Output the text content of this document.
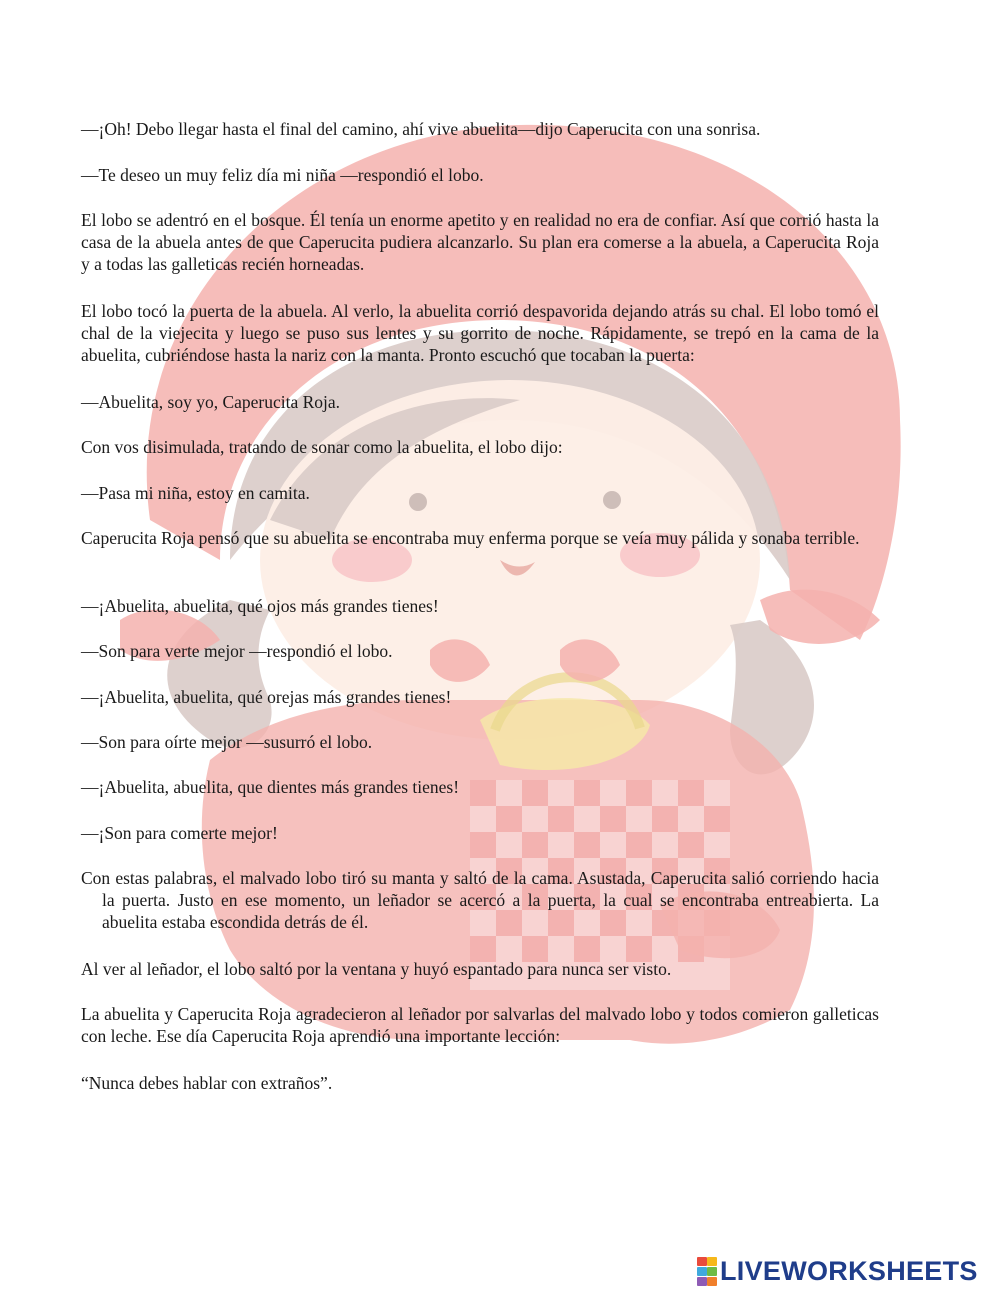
—¡Oh! Debo llegar hasta el final del camino, ahí vive abuelita—dijo Caperucita con una sonrisa.

—Te deseo un muy feliz día mi niña —respondió el lobo.

El lobo se adentró en el bosque. Él tenía un enorme apetito y en realidad no era de confiar. Así que corrió hasta la casa de la abuela antes de que Caperucita pudiera alcanzarlo. Su plan era comerse a la abuela, a Caperucita Roja y a todas las galleticas recién horneadas.

El lobo tocó la puerta de la abuela. Al verlo, la abuelita corrió despavorida dejando atrás su chal. El lobo tomó el chal de la viejecita y luego se puso sus lentes y su gorrito de noche. Rápidamente, se trepó en la cama de la abuelita, cubriéndose hasta la nariz con la manta. Pronto escuchó que tocaban la puerta:

—Abuelita, soy yo, Caperucita Roja.

Con vos disimulada, tratando de sonar como la abuelita, el lobo dijo:

—Pasa mi niña, estoy en camita.

Caperucita Roja pensó que su abuelita se encontraba muy enferma porque se veía muy pálida y sonaba terrible.

—¡Abuelita, abuelita, qué ojos más grandes tienes!

—Son para verte mejor —respondió el lobo.

—¡Abuelita, abuelita, qué orejas más grandes tienes!

—Son para oírte mejor —susurró el lobo.

—¡Abuelita, abuelita, que dientes más grandes tienes!

—¡Son para comerte mejor!

Con estas palabras, el malvado lobo tiró su manta y saltó de la cama. Asustada, Caperucita salió corriendo hacia la puerta. Justo en ese momento, un leñador se acercó a la puerta, la cual se encontraba entreabierta. La abuelita estaba escondida detrás de él.

Al ver al leñador, el lobo saltó por la ventana y huyó espantado para nunca ser visto.

La abuelita y Caperucita Roja agradecieron al leñador por salvarlas del malvado lobo y todos comieron galleticas con leche. Ese día Caperucita Roja aprendió una importante lección:

“Nunca debes hablar con extraños”.

LIVEWORKSHEETS
